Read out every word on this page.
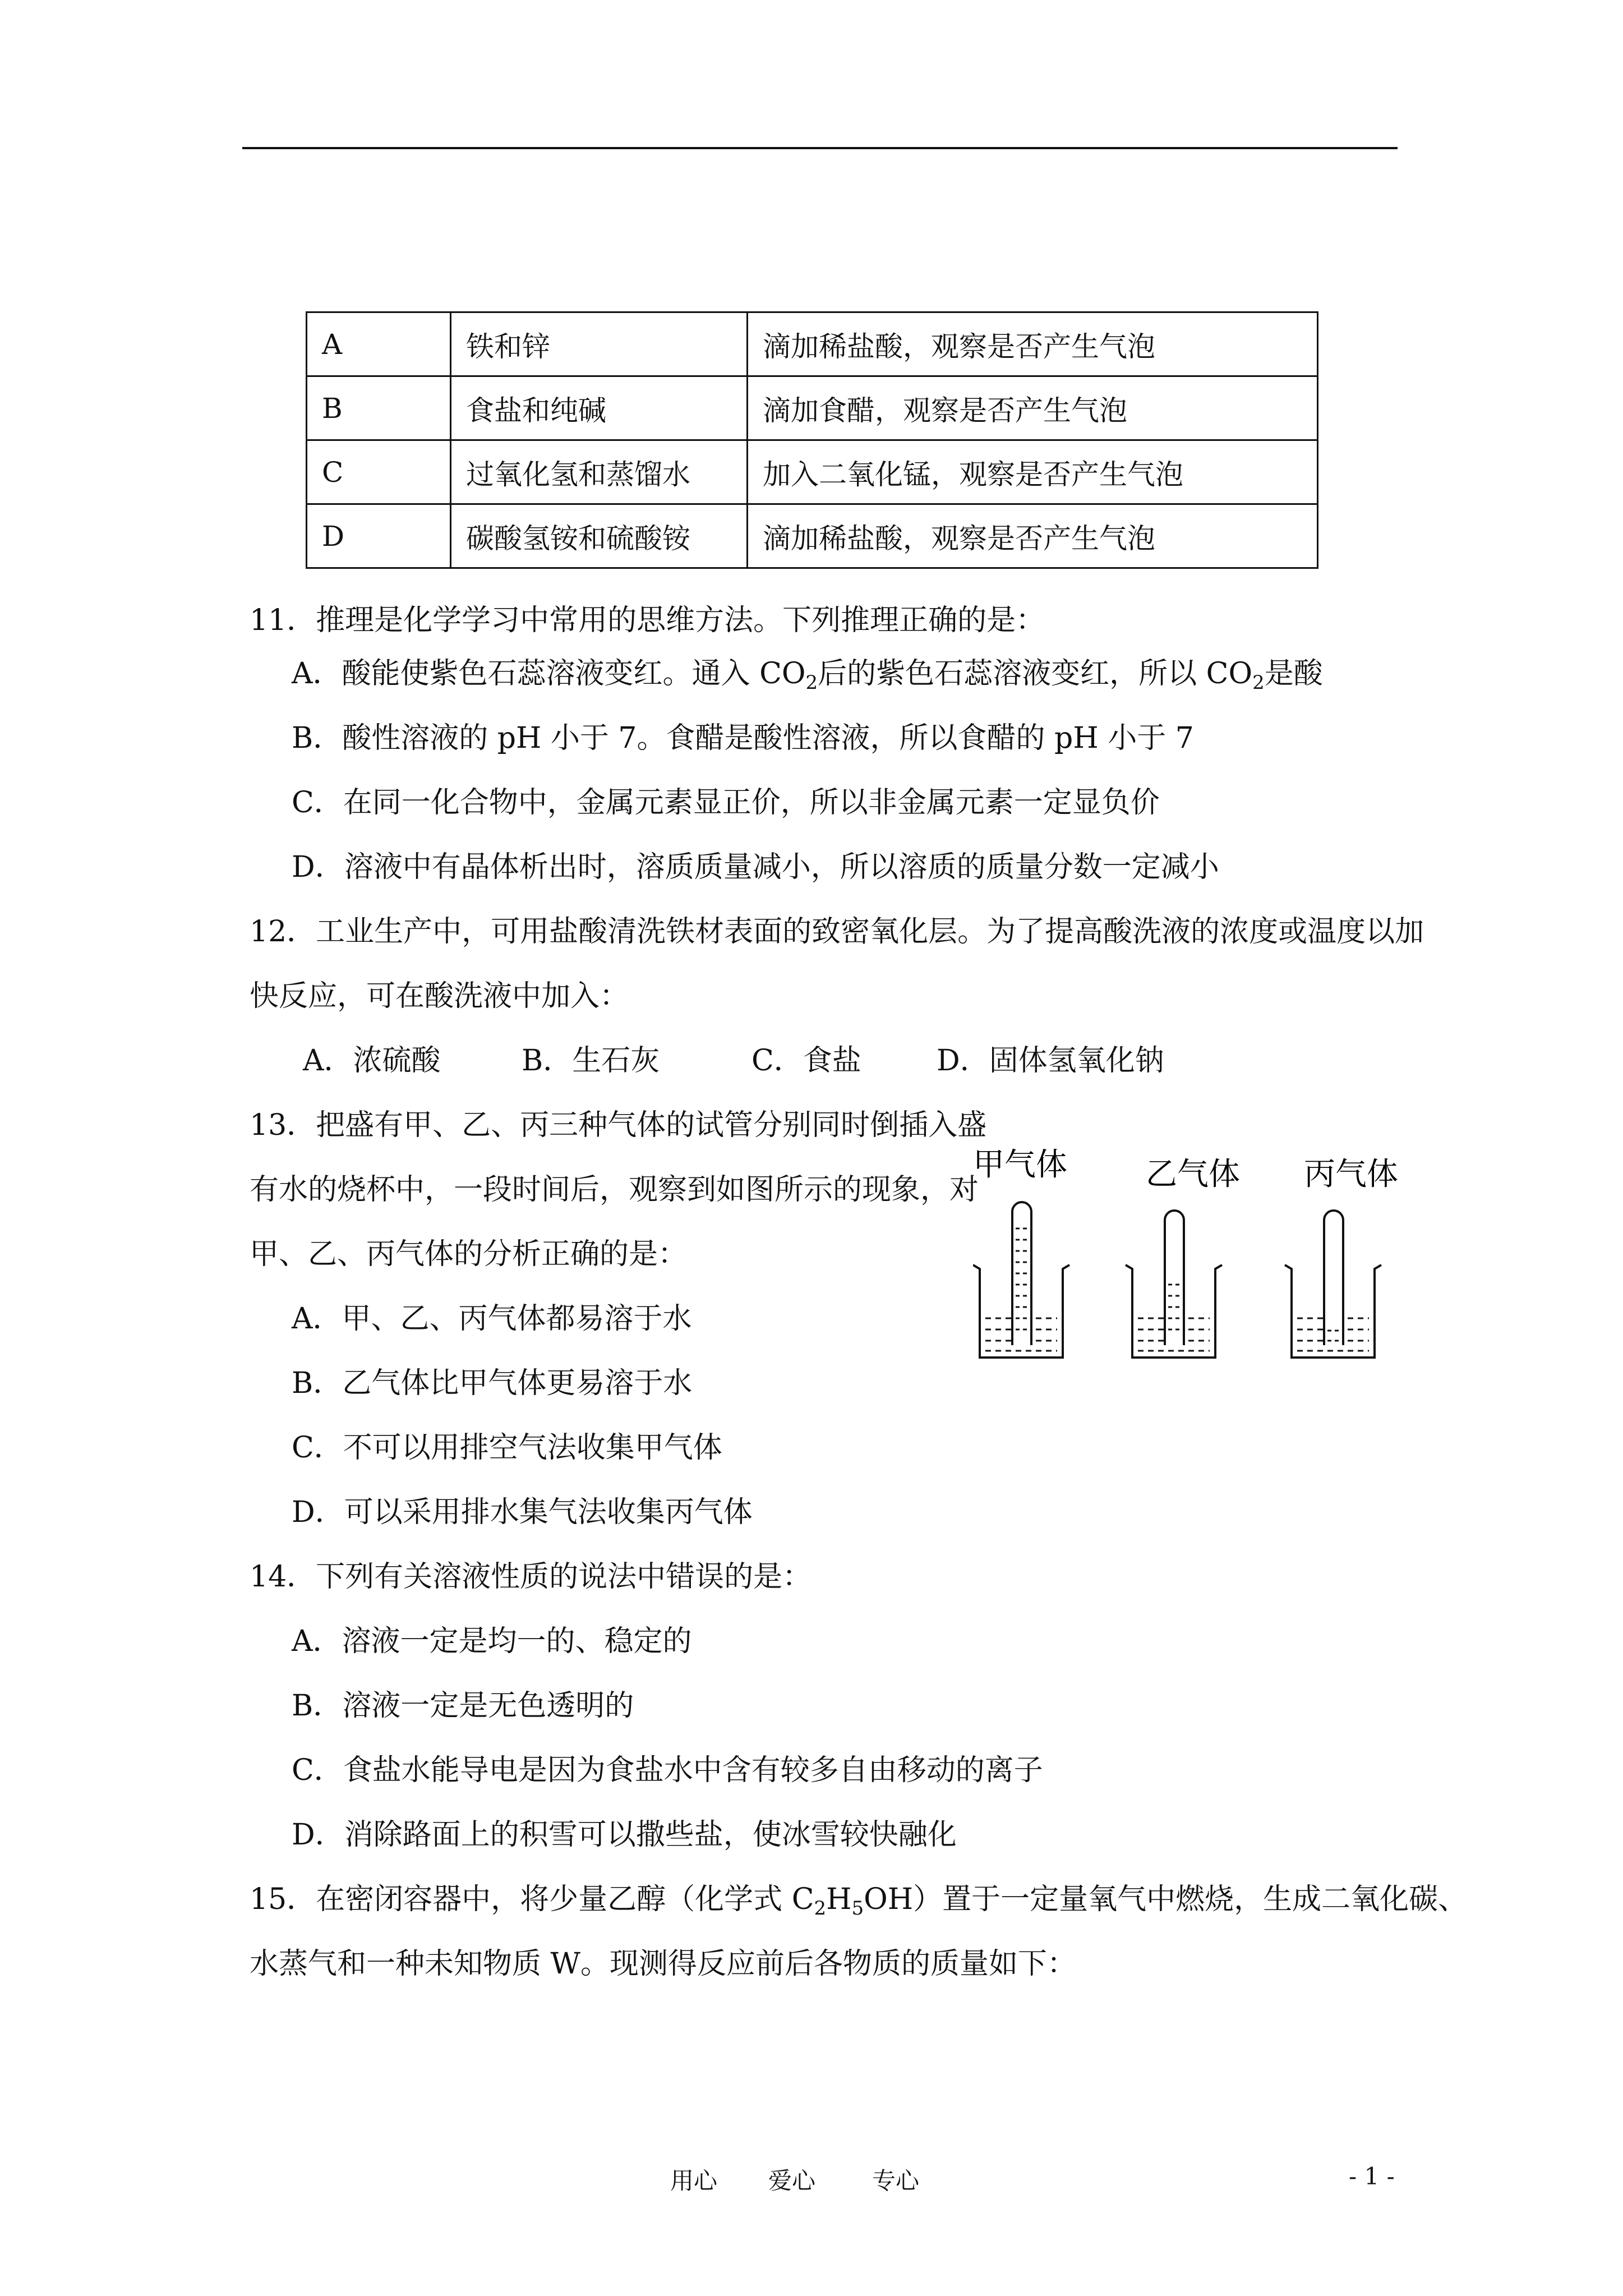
A	铁和锌	滴加稀盐酸，观察是否产生气泡
B	食盐和纯碱	滴加食醋，观察是否产生气泡
C	过氧化氢和蒸馏水	加入二氧化锰，观察是否产生气泡
D	碳酸氢铵和硫酸铵	滴加稀盐酸，观察是否产生气泡
11．推理是化学学习中常用的思维方法。下列推理正确的是：
A．酸能使紫色石蕊溶液变红。通入 $CO_2$后的紫色石蕊溶液变红，所以 $CO_2$是酸
B．酸性溶液的 pH 小于 7。食醋是酸性溶液，所以食醋的 pH 小于 7
C．在同一化合物中，金属元素显正价，所以非金属元素一定显负价
D．溶液中有晶体析出时，溶质质量减小，所以溶质的质量分数一定减小
12．工业生产中，可用盐酸清洗铁材表面的致密氧化层。为了提高酸洗液的浓度或温度以加
快反应，可在酸洗液中加入：
A．浓硫酸	B．生石灰	C．食盐	D．固体氢氧化钠
13．把盛有甲、乙、丙三种气体的试管分别同时倒插入盛
有水的烧杯中，一段时间后，观察到如图所示的现象，对
甲、乙、丙气体的分析正确的是：
A．甲、乙、丙气体都易溶于水
B．乙气体比甲气体更易溶于水
C．不可以用排空气法收集甲气体
D．可以采用排水集气法收集丙气体
甲气体	乙气体 丙气体
14．下列有关溶液性质的说法中错误的是：
A．溶液一定是均一的、稳定的
B．溶液一定是无色透明的
C．食盐水能导电是因为食盐水中含有较多自由移动的离子
D．消除路面上的积雪可以撒些盐，使冰雪较快融化
15．在密闭容器中，将少量乙醇（化学式 $C_2H_5OH$）置于一定量氧气中燃烧，生成二氧化碳、
水蒸气和一种未知物质 W。现测得反应前后各物质的质量如下：
用心 爱心 专心	- 1 -
